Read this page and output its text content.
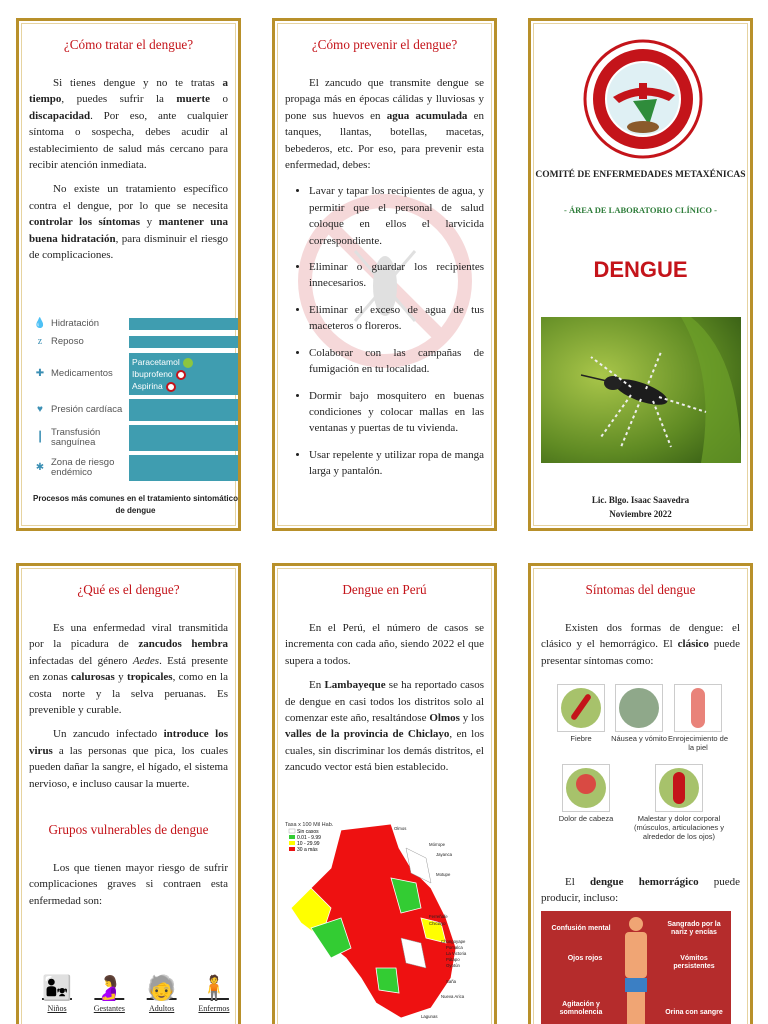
¿Cómo tratar el dengue?

Si tienes dengue y no te tratas a tiempo, puedes sufrir la muerte o discapacidad. Por eso, ante cualquier síntoma o sospecha, debes acudir al establecimiento de salud más cercano para recibir atención inmediata.

No existe un tratamiento específico contra el dengue, por lo que se necesita controlar los síntomas y mantener una buena hidratación, para disminuir el riesgo de complicaciones.

💧 Hidratación
z Reposo
✚ Medicamentos
Paracetamol
Ibuprofeno
Aspirina
♥ Presión cardíaca
┃ Transfusión sanguínea
✱ Zona de riesgo endémico
Procesos más comunes en el tratamiento sintomático de dengue
¿Cómo prevenir el dengue?

El zancudo que transmite dengue se propaga más en épocas cálidas y lluviosas y pone sus huevos en agua acumulada en tanques, llantas, botellas, macetas, bebederos, etc. Por eso, para prevenir esta enfermedad, debes:

• Lavar y tapar los recipientes de agua, y permitir que el personal de salud coloque en ellos el larvicida correspondiente.
• Eliminar o guardar los recipientes innecesarios.
• Eliminar el exceso de agua de tus maceteros o floreros.
• Colaborar con las campañas de fumigación en tu localidad.
• Dormir bajo mosquitero en buenas condiciones y colocar mallas en las ventanas y puertas de tu vivienda.
• Usar repelente y utilizar ropa de manga larga y pantalón.
COMITÉ DE ENFERMEDADES METAXÉNICAS
- ÁREA DE LABORATORIO CLÍNICO -
DENGUE
Lic. Blgo. Isaac Saavedra
Noviembre 2022
¿Qué es el dengue?

Es una enfermedad viral transmitida por la picadura de zancudos hembra infectadas del género Aedes. Está presente en zonas calurosas y tropicales, como en la costa norte y la selva peruanas. Es prevenible y curable.

Un zancudo infectado introduce los virus a las personas que pica, los cuales pueden dañar la sangre, el hígado, el sistema nervioso, e incluso causar la muerte.

Grupos vulnerables de dengue

Los que tienen mayor riesgo de sufrir complicaciones graves si contraen esta enfermedad son:

👨‍👧
Niños
🤰
Gestantes
🧓
Adultos
🧍
Enfermos
Dengue en Perú

En el Perú, el número de casos se incrementa con cada año, siendo 2022 el que supera a todos.

En Lambayeque se ha reportado casos de dengue en casi todos los distritos solo al comenzar este año, resaltándose Olmos y los valles de la provincia de Chiclayo, en los cuales, sin discriminar los demás distritos, el zancudo vector está bien establecido.

Tasa x 100 Mil Hab.
Sin casos
0.01 - 9.99
10 - 29.99
30 a más
Olmos
Motupe
Jayanca
Mórrope
Ferreñafe
Chiclayo
Chongoyape
Pomalca
La Victoria
Pátapo
Oyotún
Saña
Nueva Arica
Lagunas
Síntomas del dengue

Existen dos formas de dengue: el clásico y el hemorrágico. El clásico puede presentar síntomas como:

Fiebre	Náusea y vómito Enrojecimiento de la piel
Dolor de cabeza	Malestar y dolor corporal (músculos, articulaciones y alrededor de los ojos)

El dengue hemorrágico puede producir, incluso:

Confusión mental
Sangrado por la nariz y encías
Ojos rojos	Vómitos persistentes
Agitación y somnolencia	Orina con sangre
